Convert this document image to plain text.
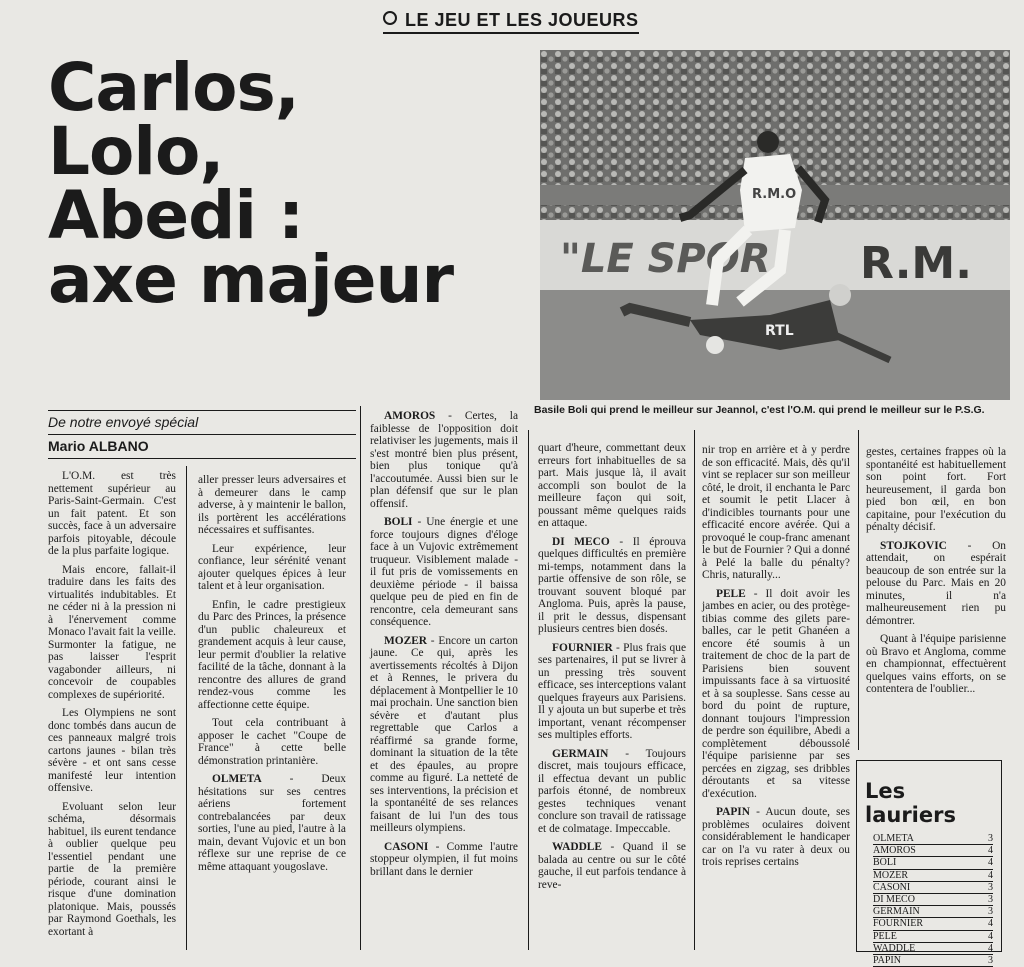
LE JEU ET LES JOUEURS
Carlos,
Lolo,
Abedi :
axe majeur	"LE SPOR R.M.
R.M.O
RTL
Basile Boli qui prend le meilleur sur Jeannol, c'est l'O.M. qui prend le meilleur sur le P.S.G.
De notre envoyé spécial
Mario ALBANO

L'O.M. est très nettement supérieur au Paris-Saint-Germain. C'est un fait patent. Et son succès, face à un adversaire parfois pitoyable, découle de la plus parfaite logique.

Mais encore, fallait-il traduire dans les faits des virtualités indubitables. Et ne céder ni à la pression ni à l'énervement comme Monaco l'avait fait la veille. Surmonter la fatigue, ne pas laisser l'esprit vagabonder ailleurs, ni concevoir de coupables complexes de supériorité.

Les Olympiens ne sont donc tombés dans aucun de ces panneaux malgré trois cartons jaunes - bilan très sévère - et ont sans cesse manifesté leur intention offensive.

Evoluant selon leur schéma, désormais habituel, ils eurent tendance à oublier quelque peu l'essentiel pendant une partie de la première période, courant ainsi le risque d'une domination platonique. Mais, poussés par Raymond Goethals, les exortant à

aller presser leurs adversaires et à demeurer dans le camp adverse, à y maintenir le ballon, ils portèrent les accélérations nécessaires et suffisantes.

Leur expérience, leur confiance, leur sérénité venant ajouter quelques épices à leur talent et à leur organisation.

Enfin, le cadre prestigieux du Parc des Princes, la présence d'un public chaleureux et grandement acquis à leur cause, leur permit d'oublier la relative facilité de la tâche, donnant à la rencontre des allures de grand rendez-vous comme les affectionne cette équipe.

Tout cela contribuant à apposer le cachet "Coupe de France" à cette belle démonstration printanière.

OLMETA - Deux hésitations sur ses centres aériens fortement contrebalancées par deux sorties, l'une au pied, l'autre à la main, devant Vujovic et un bon réflexe sur une reprise de ce même attaquant yougoslave.

AMOROS - Certes, la faiblesse de l'opposition doit relativiser les jugements, mais il s'est montré bien plus présent, bien plus tonique qu'à l'accoutumée. Aussi bien sur le plan défensif que sur le plan offensif.

BOLI - Une énergie et une force toujours dignes d'éloge face à un Vujovic extrêmement truqueur. Visiblement malade - il fut pris de vomissements en deuxième période - il baissa quelque peu de pied en fin de rencontre, cela demeurant sans conséquence.

MOZER - Encore un carton jaune. Ce qui, après les avertissements récoltés à Dijon et à Rennes, le privera du déplacement à Montpellier le 10 mai prochain. Une sanction bien sévère et d'autant plus regrettable que Carlos a réaffirmé sa grande forme, dominant la situation de la tête et des épaules, au propre comme au figuré. La netteté de ses interventions, la précision et la spontanéité de ses relances faisant de lui l'un des tous meilleurs olympiens.

CASONI - Comme l'autre stoppeur olympien, il fut moins brillant dans le dernier

quart d'heure, commettant deux erreurs fort inhabituelles de sa part. Mais jusque là, il avait accompli son boulot de la meilleure façon qui soit, poussant même quelques raids en attaque.

DI MECO - Il éprouva quelques difficultés en première mi-temps, notamment dans la partie offensive de son rôle, se trouvant souvent bloqué par Angloma. Puis, après la pause, il prit le dessus, dispensant plusieurs centres bien dosés.

FOURNIER - Plus frais que ses partenaires, il put se livrer à un pressing très souvent efficace, ses interceptions valant quelques frayeurs aux Parisiens. Il y ajouta un but superbe et très important, venant récompenser ses multiples efforts.

GERMAIN - Toujours discret, mais toujours efficace, il effectua devant un public parfois étonné, de nombreux gestes techniques venant conclure son travail de ratissage et de colmatage. Impeccable.

WADDLE - Quand il se balada au centre ou sur le côté gauche, il eut parfois tendance à reve-

nir trop en arrière et à y perdre de son efficacité. Mais, dès qu'il vint se replacer sur son meilleur côté, le droit, il enchanta le Parc et soumit le petit Llacer à d'indicibles tournants pour une efficacité encore avérée. Qui a provoqué le coup-franc amenant le but de Fournier ? Qui a donné à Pelé la balle du pénalty? Chris, naturally...

PELE - Il doit avoir les jambes en acier, ou des protège-tibias comme des gilets pare-balles, car le petit Ghanéen a encore été soumis à un traitement de choc de la part de Parisiens bien souvent impuissants face à sa virtuosité et à sa souplesse. Sans cesse au bord du point de rupture, donnant toujours l'impression de perdre son équilibre, Abedi a complètement déboussolé l'équipe parisienne par ses percées en zigzag, ses dribbles déroutants et sa vitesse d'exécution.

PAPIN - Aucun doute, ses problèmes oculaires doivent considérablement le handicaper car on l'a vu rater à deux ou trois reprises certains

gestes, certaines frappes où la spontanéité est habituellement son point fort. Fort heureusement, il garda bon pied bon œil, en bon capitaine, pour l'exécution du pénalty décisif.

STOJKOVIC - On attendait, on espérait beaucoup de son entrée sur la pelouse du Parc. Mais en 20 minutes, il n'a malheureusement rien pu démontrer.

Quant à l'équipe parisienne où Bravo et Angloma, comme en championnat, effectuèrent quelques vains efforts, on se contentera de l'oublier...

Les lauriers
OLMETA	3
AMOROS	4
BOLI	4
MOZER	4
CASONI	3
DI MECO	3
GERMAIN	3
FOURNIER	4
PELE	4
WADDLE	4
PAPIN	3
